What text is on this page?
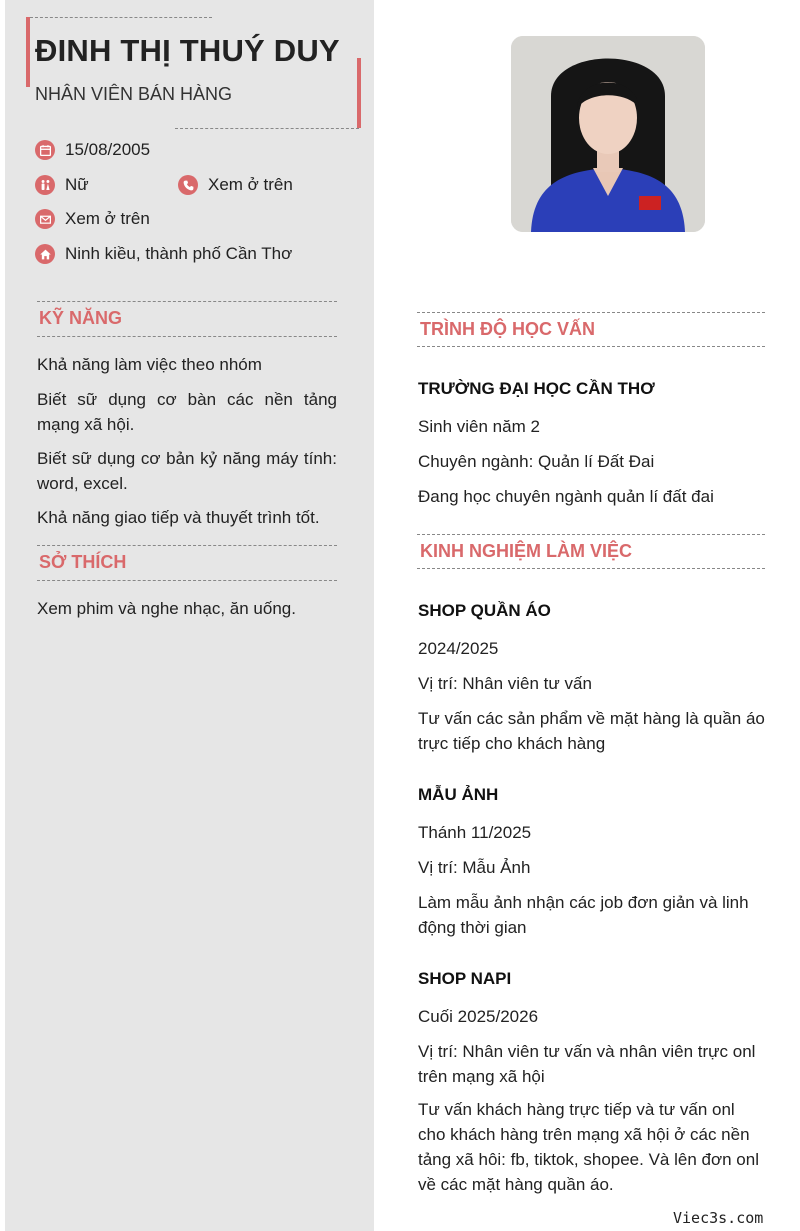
ĐINH THỊ THUÝ DUY
NHÂN VIÊN BÁN HÀNG
15/08/2005
Nữ	Xem ở trên
Xem ở trên
Ninh kiều, thành phố Cần Thơ
KỸ NĂNG
Khả năng làm việc theo nhóm
Biết sữ dụng cơ bàn các nền tảng mạng xã hội.
Biết sữ dụng cơ bản kỷ năng máy tính: word, excel.
Khả năng giao tiếp và thuyết trình tốt.
SỞ THÍCH
Xem phim và nghe nhạc, ăn uống.
TRÌNH ĐỘ HỌC VẤN
TRƯỜNG ĐẠI HỌC CẦN THƠ
Sinh viên năm 2
Chuyên ngành: Quản lí Đất Đai
Đang học chuyên ngành quản lí đất đai
KINH NGHIỆM LÀM VIỆC
SHOP QUẦN ÁO
2024/2025
Vị trí: Nhân viên tư vấn
Tư vấn các sản phẩm về mặt hàng là quần áo trực tiếp cho khách hàng
MẪU ẢNH
Thánh 11/2025
Vị trí: Mẫu Ảnh
Làm mẫu ảnh nhận các job đơn giản và linh động thời gian
SHOP NAPI
Cuối 2025/2026
Vị trí: Nhân viên tư vấn và nhân viên trực onl trên mạng xã hội
Tư vấn khách hàng trực tiếp và tư vấn onl cho khách hàng trên mạng xã hội ở các nền tảng xã hôi: fb, tiktok, shopee. Và lên đơn onl về các mặt hàng quần áo.
Viec3s.com
